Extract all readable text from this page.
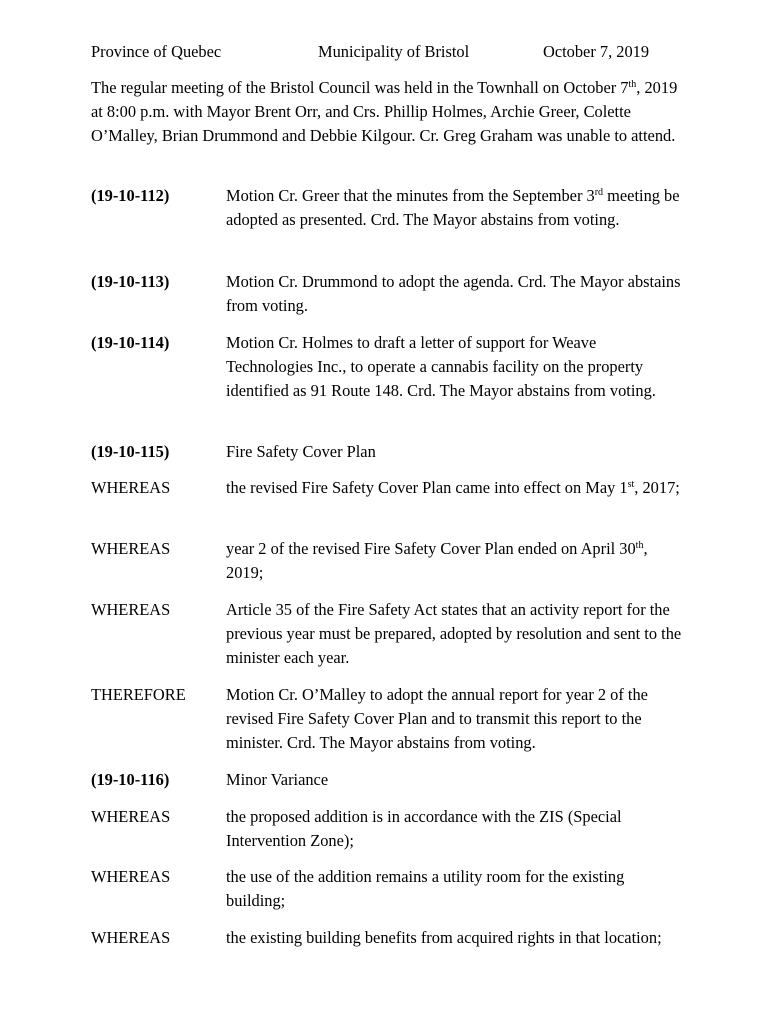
Province of Quebec	Municipality of Bristol	October 7, 2019

The regular meeting of the Bristol Council was held in the Townhall on October 7th, 2019 at 8:00 p.m. with Mayor Brent Orr, and Crs. Phillip Holmes, Archie Greer, Colette O’Malley, Brian Drummond and Debbie Kilgour. Cr. Greg Graham was unable to attend.

(19-10-112)	Motion Cr. Greer that the minutes from the September 3rd meeting be adopted as presented. Crd. The Mayor abstains from voting.
(19-10-113)	Motion Cr. Drummond to adopt the agenda. Crd. The Mayor abstains from voting.
(19-10-114)	Motion Cr. Holmes to draft a letter of support for Weave Technologies Inc., to operate a cannabis facility on the property identified as 91 Route 148. Crd. The Mayor abstains from voting.
(19-10-115)	Fire Safety Cover Plan
WHEREAS	the revised Fire Safety Cover Plan came into effect on May 1st, 2017;
WHEREAS	year 2 of the revised Fire Safety Cover Plan ended on April 30th, 2019;
WHEREAS	Article 35 of the Fire Safety Act states that an activity report for the previous year must be prepared, adopted by resolution and sent to the minister each year.
THEREFORE	Motion Cr. O’Malley to adopt the annual report for year 2 of the revised Fire Safety Cover Plan and to transmit this report to the minister. Crd. The Mayor abstains from voting.
(19-10-116)	Minor Variance
WHEREAS	the proposed addition is in accordance with the ZIS (Special Intervention Zone);
WHEREAS	the use of the addition remains a utility room for the existing building;
WHEREAS	the existing building benefits from acquired rights in that location;
